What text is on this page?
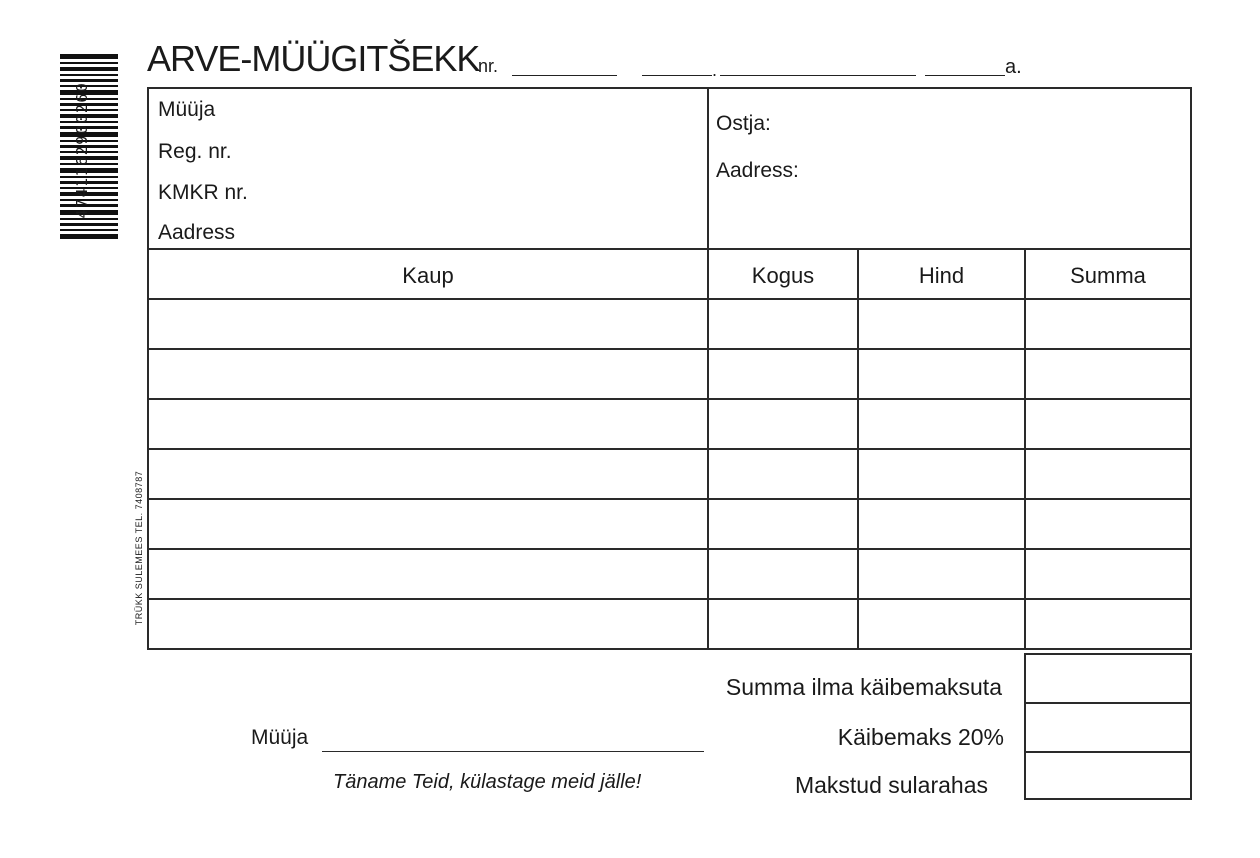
4741162900260
TRÜKK SULEMEES TEL. 7408787
ARVE-MÜÜGITŠEKK
nr.	.	a.
Müüja
Reg. nr.
KMKR nr.
Aadress
Ostja:
Aadress:
Kaup	Kogus	Hind	Summa
Summa ilma käibemaksuta
Käibemaks 20%
Makstud sularahas
Müüja
Täname Teid, külastage meid jälle!
